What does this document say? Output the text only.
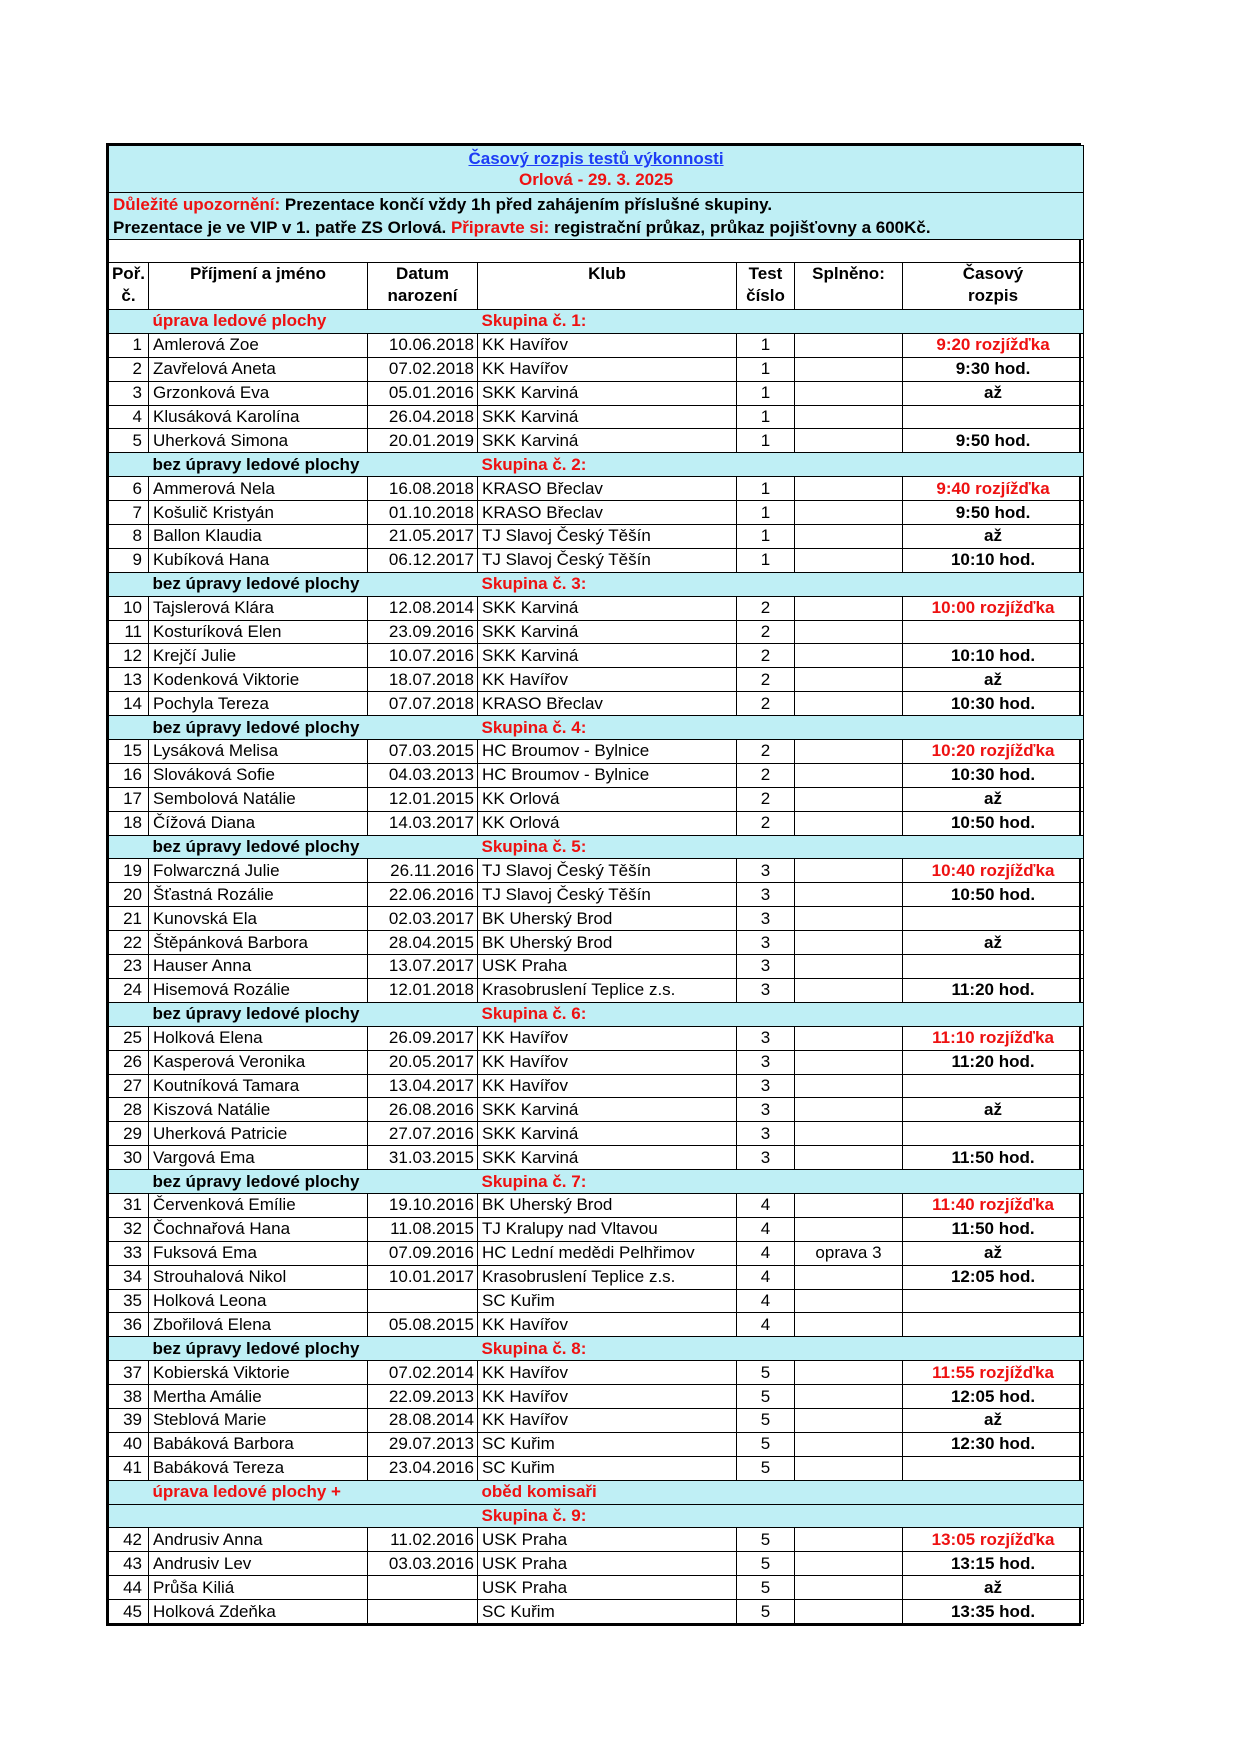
Časový rozpis testů výkonnosti
Orlová - 29. 3. 2025						
Důležité upozornění: Prezentace končí vždy 1h před zahájením příslušné skupiny.						
Prezentace je ve VIP v 1. patře ZS Orlová. Připravte si: registrační průkaz, průkaz pojišťovny a 600Kč.						

Poř.
č.	Příjmení a jméno	Datum
narození	Klub	Test
číslo	Splněno:	Časový
rozpis
	úprava ledové plochy		Skupina č. 1:			
1	Amlerová Zoe	10.06.2018	KK Havířov	1		9:20 rozjížďka
2	Zavřelová Aneta	07.02.2018	KK Havířov	1		9:30 hod.
3	Grzonková Eva	05.01.2016	SKK Karviná	1		až
4	Klusáková Karolína	26.04.2018	SKK Karviná	1		
5	Uherková Simona	20.01.2019	SKK Karviná	1		9:50 hod.
	bez úpravy ledové plochy		Skupina č. 2:			
6	Ammerová Nela	16.08.2018	KRASO Břeclav	1		9:40 rozjížďka
7	Košulič Kristyán	01.10.2018	KRASO Břeclav	1		9:50 hod.
8	Ballon Klaudia	21.05.2017	TJ Slavoj Český Těšín	1		až
9	Kubíková Hana	06.12.2017	TJ Slavoj Český Těšín	1		10:10 hod.
	bez úpravy ledové plochy		Skupina č. 3:			
10	Tajslerová Klára	12.08.2014	SKK Karviná	2		10:00 rozjížďka
11	Kosturíková Elen	23.09.2016	SKK Karviná	2		
12	Krejčí Julie	10.07.2016	SKK Karviná	2		10:10 hod.
13	Kodenková Viktorie	18.07.2018	KK Havířov	2		až
14	Pochyla Tereza	07.07.2018	KRASO Břeclav	2		10:30 hod.
	bez úpravy ledové plochy		Skupina č. 4:			
15	Lysáková Melisa	07.03.2015	HC Broumov - Bylnice	2		10:20 rozjížďka
16	Slováková Sofie	04.03.2013	HC Broumov - Bylnice	2		10:30 hod.
17	Sembolová Natálie	12.01.2015	KK Orlová	2		až
18	Čížová Diana	14.03.2017	KK Orlová	2		10:50 hod.
	bez úpravy ledové plochy		Skupina č. 5:			
19	Folwarczná Julie	26.11.2016	TJ Slavoj Český Těšín	3		10:40 rozjížďka
20	Šťastná Rozálie	22.06.2016	TJ Slavoj Český Těšín	3		10:50 hod.
21	Kunovská Ela	02.03.2017	BK Uherský Brod	3		
22	Štěpánková Barbora	28.04.2015	BK Uherský Brod	3		až
23	Hauser Anna	13.07.2017	USK Praha	3		
24	Hisemová Rozálie	12.01.2018	Krasobruslení Teplice z.s.	3		11:20 hod.
	bez úpravy ledové plochy		Skupina č. 6:			
25	Holková Elena	26.09.2017	KK Havířov	3		11:10 rozjížďka
26	Kasperová Veronika	20.05.2017	KK Havířov	3		11:20 hod.
27	Koutníková Tamara	13.04.2017	KK Havířov	3		
28	Kiszová Natálie	26.08.2016	SKK Karviná	3		až
29	Uherková Patricie	27.07.2016	SKK Karviná	3		
30	Vargová Ema	31.03.2015	SKK Karviná	3		11:50 hod.
	bez úpravy ledové plochy		Skupina č. 7:			
31	Červenková Emílie	19.10.2016	BK Uherský Brod	4		11:40 rozjížďka
32	Čochnařová Hana	11.08.2015	TJ Kralupy nad Vltavou	4		11:50 hod.
33	Fuksová Ema	07.09.2016	HC Lední medědi Pelhřimov	4	oprava 3	až
34	Strouhalová Nikol	10.01.2017	Krasobruslení Teplice z.s.	4		12:05 hod.
35	Holková Leona		SC Kuřim	4		
36	Zbořilová Elena	05.08.2015	KK Havířov	4		
	bez úpravy ledové plochy		Skupina č. 8:			
37	Kobierská Viktorie	07.02.2014	KK Havířov	5		11:55 rozjížďka
38	Mertha Amálie	22.09.2013	KK Havířov	5		12:05 hod.
39	Steblová Marie	28.08.2014	KK Havířov	5		až
40	Babáková Barbora	29.07.2013	SC Kuřim	5		12:30 hod.
41	Babáková Tereza	23.04.2016	SC Kuřim	5		
	úprava ledové plochy +		oběd komisaři			
			Skupina č. 9:			
42	Andrusiv Anna	11.02.2016	USK Praha	5		13:05 rozjížďka
43	Andrusiv Lev	03.03.2016	USK Praha	5		13:15 hod.
44	Průša Kiliá		USK Praha	5		až
45	Holková Zdeňka		SC Kuřim	5		13:35 hod.
